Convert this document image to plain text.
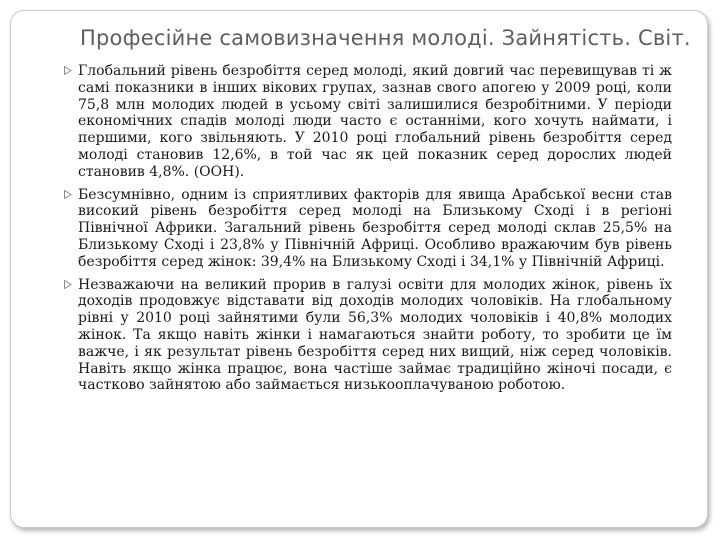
Професійне самовизначення молоді. Зайнятість. Світ.
Глобальний рівень безробіття серед молоді, який довгий час перевищував ті ж самі показники в інших вікових групах, зазнав свого апогею у 2009 році, коли 75,8 млн молодих людей в усьому світі залишилися безробітними. У періоди економічних спадів молоді люди часто є останніми, кого хочуть наймати, і першими, кого звільняють. У 2010 році глобальний рівень безробіття серед молоді становив 12,6%, в той час як цей показник серед дорослих людей становив 4,8%. (ООН).
Безсумнівно, одним із сприятливих факторів для явища Арабської весни став високий рівень безробіття серед молоді на Близькому Сході і в регіоні Північної Африки. Загальний рівень безробіття серед молоді склав 25,5% на Близькому Сході і 23,8% у Північній Африці. Особливо вражаючим був рівень безробіття серед жінок: 39,4% на Близькому Сході і 34,1% у Північній Африці.
Незважаючи на великий прорив в галузі освіти для молодих жінок, рівень їх доходів продовжує відставати від доходів молодих чоловіків. На глобальному рівні у 2010 році зайнятими були 56,3% молодих чоловіків і 40,8% молодих жінок. Та якщо навіть жінки і намагаються знайти роботу, то зробити це їм важче, і як результат рівень безробіття серед них вищий, ніж серед чоловіків. Навіть якщо жінка працює, вона частіше займає традиційно жіночі посади, є частково зайнятою або займається низькооплачуваною роботою.
